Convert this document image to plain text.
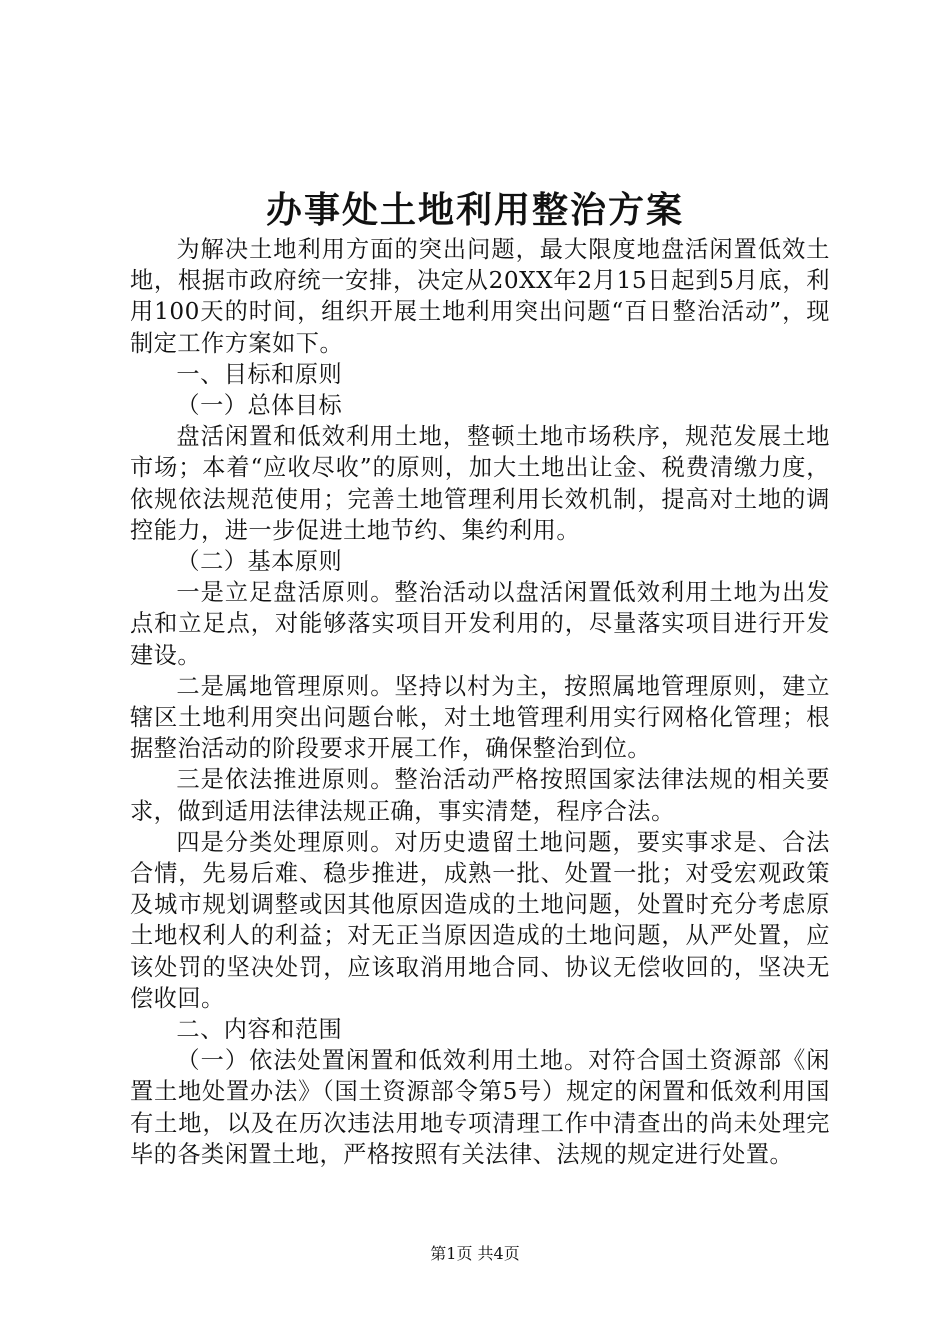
办事处土地利用整治方案

为解决土地利用方面的突出问题，最大限度地盘活闲置低效土地，根据市政府统一安排，决定从20XX年2月15日起到5月底，利用100天的时间，组织开展土地利用突出问题“百日整治活动”，现制定工作方案如下。

一、目标和原则

（一）总体目标

盘活闲置和低效利用土地，整顿土地市场秩序，规范发展土地市场；本着“应收尽收”的原则，加大土地出让金、税费清缴力度，依规依法规范使用；完善土地管理利用长效机制，提高对土地的调控能力，进一步促进土地节约、集约利用。

（二）基本原则

一是立足盘活原则。整治活动以盘活闲置低效利用土地为出发点和立足点，对能够落实项目开发利用的，尽量落实项目进行开发建设。

二是属地管理原则。坚持以村为主，按照属地管理原则，建立辖区土地利用突出问题台帐，对土地管理利用实行网格化管理；根据整治活动的阶段要求开展工作，确保整治到位。

三是依法推进原则。整治活动严格按照国家法律法规的相关要求，做到适用法律法规正确，事实清楚，程序合法。

四是分类处理原则。对历史遗留土地问题，要实事求是、合法合情，先易后难、稳步推进，成熟一批、处置一批；对受宏观政策及城市规划调整或因其他原因造成的土地问题，处置时充分考虑原土地权利人的利益；对无正当原因造成的土地问题，从严处置，应该处罚的坚决处罚，应该取消用地合同、协议无偿收回的，坚决无偿收回。

二、内容和范围

（一）依法处置闲置和低效利用土地。对符合国土资源部《闲置土地处置办法》（国土资源部令第5号）规定的闲置和低效利用国有土地，以及在历次违法用地专项清理工作中清查出的尚未处理完毕的各类闲置土地，严格按照有关法律、法规的规定进行处置。

第1页 共4页
